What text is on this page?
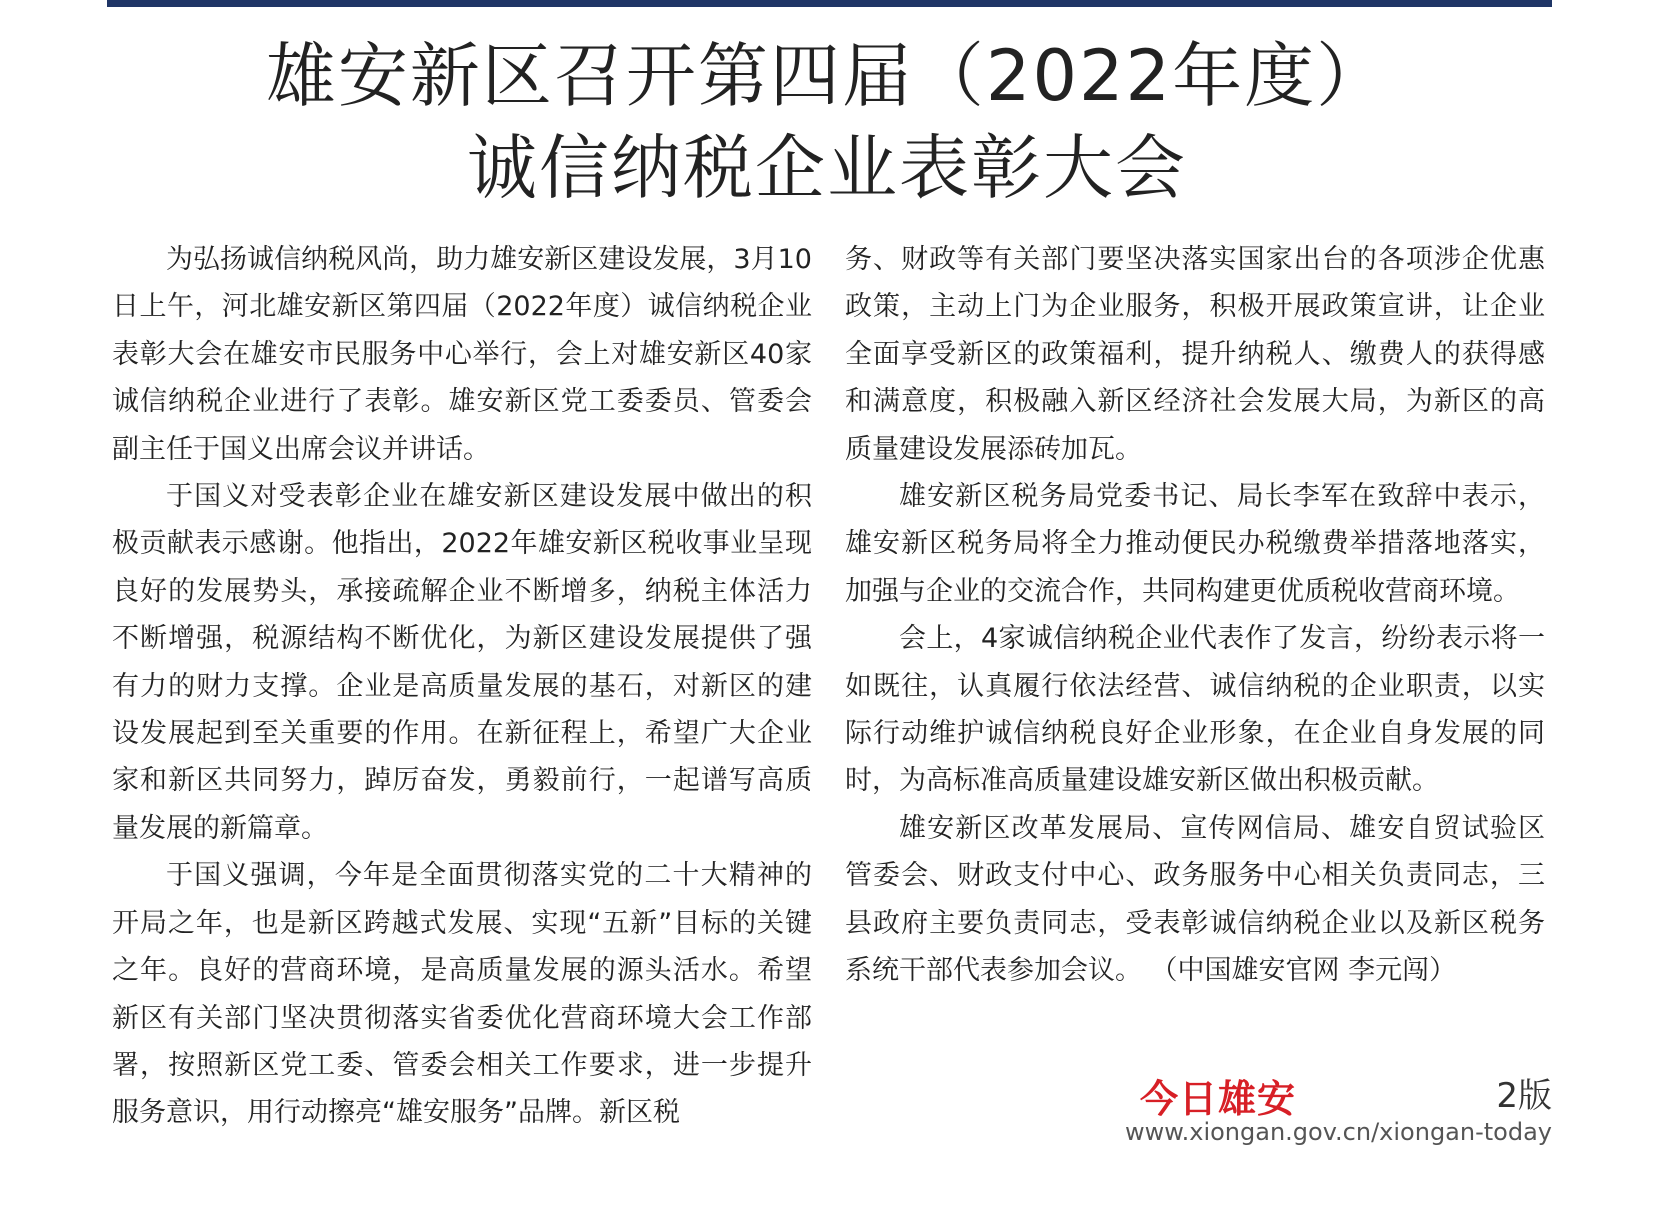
雄安新区召开第四届（2022年度）
诚信纳税企业表彰大会

为弘扬诚信纳税风尚，助力雄安新区建设发展，3月10日上午，河北雄安新区第四届（2022年度）诚信纳税企业表彰大会在雄安市民服务中心举行，会上对雄安新区40家诚信纳税企业进行了表彰。雄安新区党工委委员、管委会副主任于国义出席会议并讲话。

于国义对受表彰企业在雄安新区建设发展中做出的积极贡献表示感谢。他指出，2022年雄安新区税收事业呈现良好的发展势头，承接疏解企业不断增多，纳税主体活力不断增强，税源结构不断优化，为新区建设发展提供了强有力的财力支撑。企业是高质量发展的基石，对新区的建设发展起到至关重要的作用。在新征程上，希望广大企业家和新区共同努力，踔厉奋发，勇毅前行，一起谱写高质量发展的新篇章。

于国义强调，今年是全面贯彻落实党的二十大精神的开局之年，也是新区跨越式发展、实现“五新”目标的关键之年。良好的营商环境，是高质量发展的源头活水。希望新区有关部门坚决贯彻落实省委优化营商环境大会工作部署，按照新区党工委、管委会相关工作要求，进一步提升服务意识，用行动擦亮“雄安服务”品牌。新区税

务、财政等有关部门要坚决落实国家出台的各项涉企优惠政策，主动上门为企业服务，积极开展政策宣讲，让企业全面享受新区的政策福利，提升纳税人、缴费人的获得感和满意度，积极融入新区经济社会发展大局，为新区的高质量建设发展添砖加瓦。

雄安新区税务局党委书记、局长李军在致辞中表示，雄安新区税务局将全力推动便民办税缴费举措落地落实，加强与企业的交流合作，共同构建更优质税收营商环境。

会上，4家诚信纳税企业代表作了发言，纷纷表示将一如既往，认真履行依法经营、诚信纳税的企业职责，以实际行动维护诚信纳税良好企业形象，在企业自身发展的同时，为高标准高质量建设雄安新区做出积极贡献。

雄安新区改革发展局、宣传网信局、雄安自贸试验区管委会、财政支付中心、政务服务中心相关负责同志，三县政府主要负责同志，受表彰诚信纳税企业以及新区税务系统干部代表参加会议。 （中国雄安官网 李元闯）

今日雄安	2版
www.xiongan.gov.cn/xiongan-today
